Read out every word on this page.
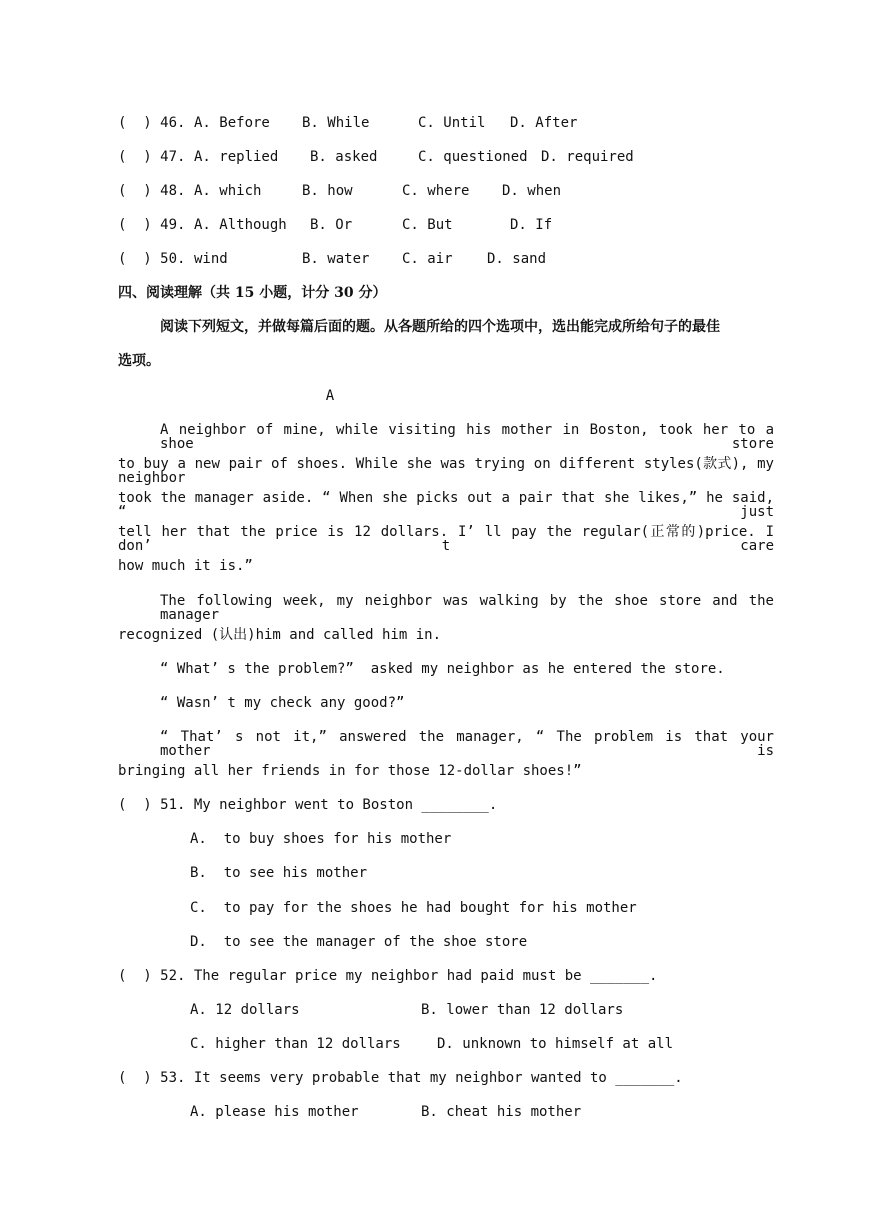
(  ) 46. A. Before B. While	C. Until D. After
(  ) 47. A. replied B. asked	C. questioned D. required
(  ) 48. A. which	B. how	C. where D. when
(  ) 49. A. Although B. Or	C. But	D. If
(  ) 50. wind	B. water C. air D. sand
四、阅读理解（共 15 小题，计分 30 分）
阅读下列短文，并做每篇后面的题。从各题所给的四个选项中，选出能完成所给句子的最佳
选项。
A
A neighbor of mine, while visiting his mother in Boston, took her to a shoe store
to buy a new pair of shoes. While she was trying on different styles(款式), my neighbor
took the manager aside. “ When she picks out a pair that she likes,” he said, “ just
tell her that the price is 12 dollars. I’ ll pay the regular(正常的)price. I don’ t care
how much it is.”
The following week, my neighbor was walking by the shoe store and the manager
recognized (认出)him and called him in.
“ What’ s the problem?”  asked my neighbor as he entered the store.
“ Wasn’ t my check any good?”
“ That’ s not it,” answered the manager, “ The problem is that your mother is
bringing all her friends in for those 12-dollar shoes!”
(  ) 51. My neighbor went to Boston ________.
A.  to buy shoes for his mother
B.  to see his mother
C.  to pay for the shoes he had bought for his mother
D.  to see the manager of the shoe store
(  ) 52. The regular price my neighbor had paid must be _______.
A. 12 dollars	B. lower than 12 dollars
C. higher than 12 dollars	D. unknown to himself at all
(  ) 53. It seems very probable that my neighbor wanted to _______.
A. please his mother	B. cheat his mother
